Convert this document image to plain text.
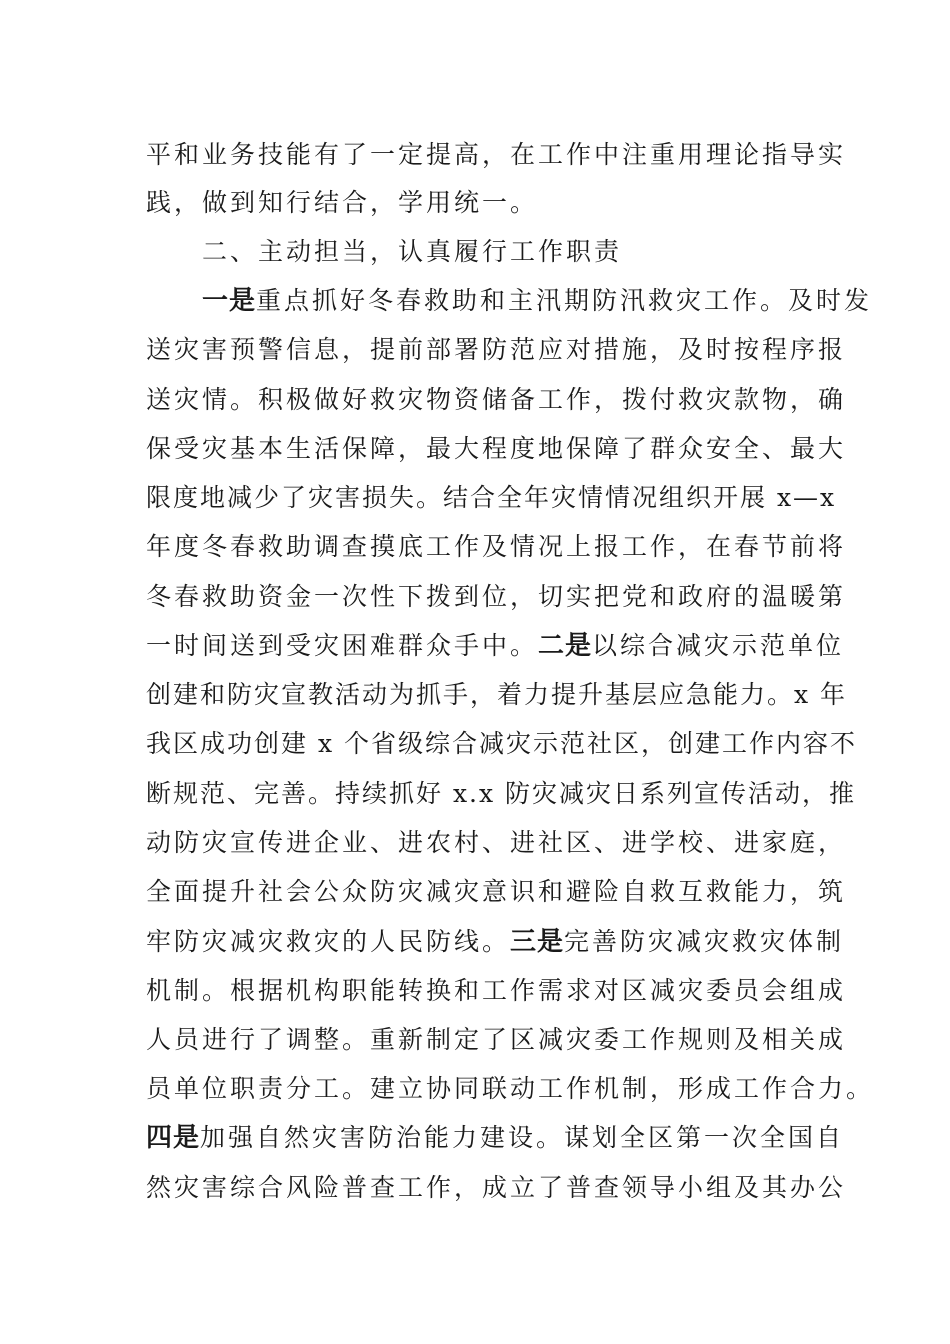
平和业务技能有了一定提高，在工作中注重用理论指导实
践，做到知行结合，学用统一。
　　二、主动担当，认真履行工作职责
　　一是重点抓好冬春救助和主汛期防汛救灾工作。及时发
送灾害预警信息，提前部署防范应对措施，及时按程序报
送灾情。积极做好救灾物资储备工作，拨付救灾款物，确
保受灾基本生活保障，最大程度地保障了群众安全、最大
限度地减少了灾害损失。结合全年灾情情况组织开展 x—x
年度冬春救助调查摸底工作及情况上报工作，在春节前将
冬春救助资金一次性下拨到位，切实把党和政府的温暖第
一时间送到受灾困难群众手中。二是以综合减灾示范单位
创建和防灾宣教活动为抓手，着力提升基层应急能力。x 年
我区成功创建 x 个省级综合减灾示范社区，创建工作内容不
断规范、完善。持续抓好 x.x 防灾减灾日系列宣传活动，推
动防灾宣传进企业、进农村、进社区、进学校、进家庭，
全面提升社会公众防灾减灾意识和避险自救互救能力，筑
牢防灾减灾救灾的人民防线。三是完善防灾减灾救灾体制
机制。根据机构职能转换和工作需求对区减灾委员会组成
人员进行了调整。重新制定了区减灾委工作规则及相关成
员单位职责分工。建立协同联动工作机制，形成工作合力。
四是加强自然灾害防治能力建设。谋划全区第一次全国自
然灾害综合风险普查工作，成立了普查领导小组及其办公
